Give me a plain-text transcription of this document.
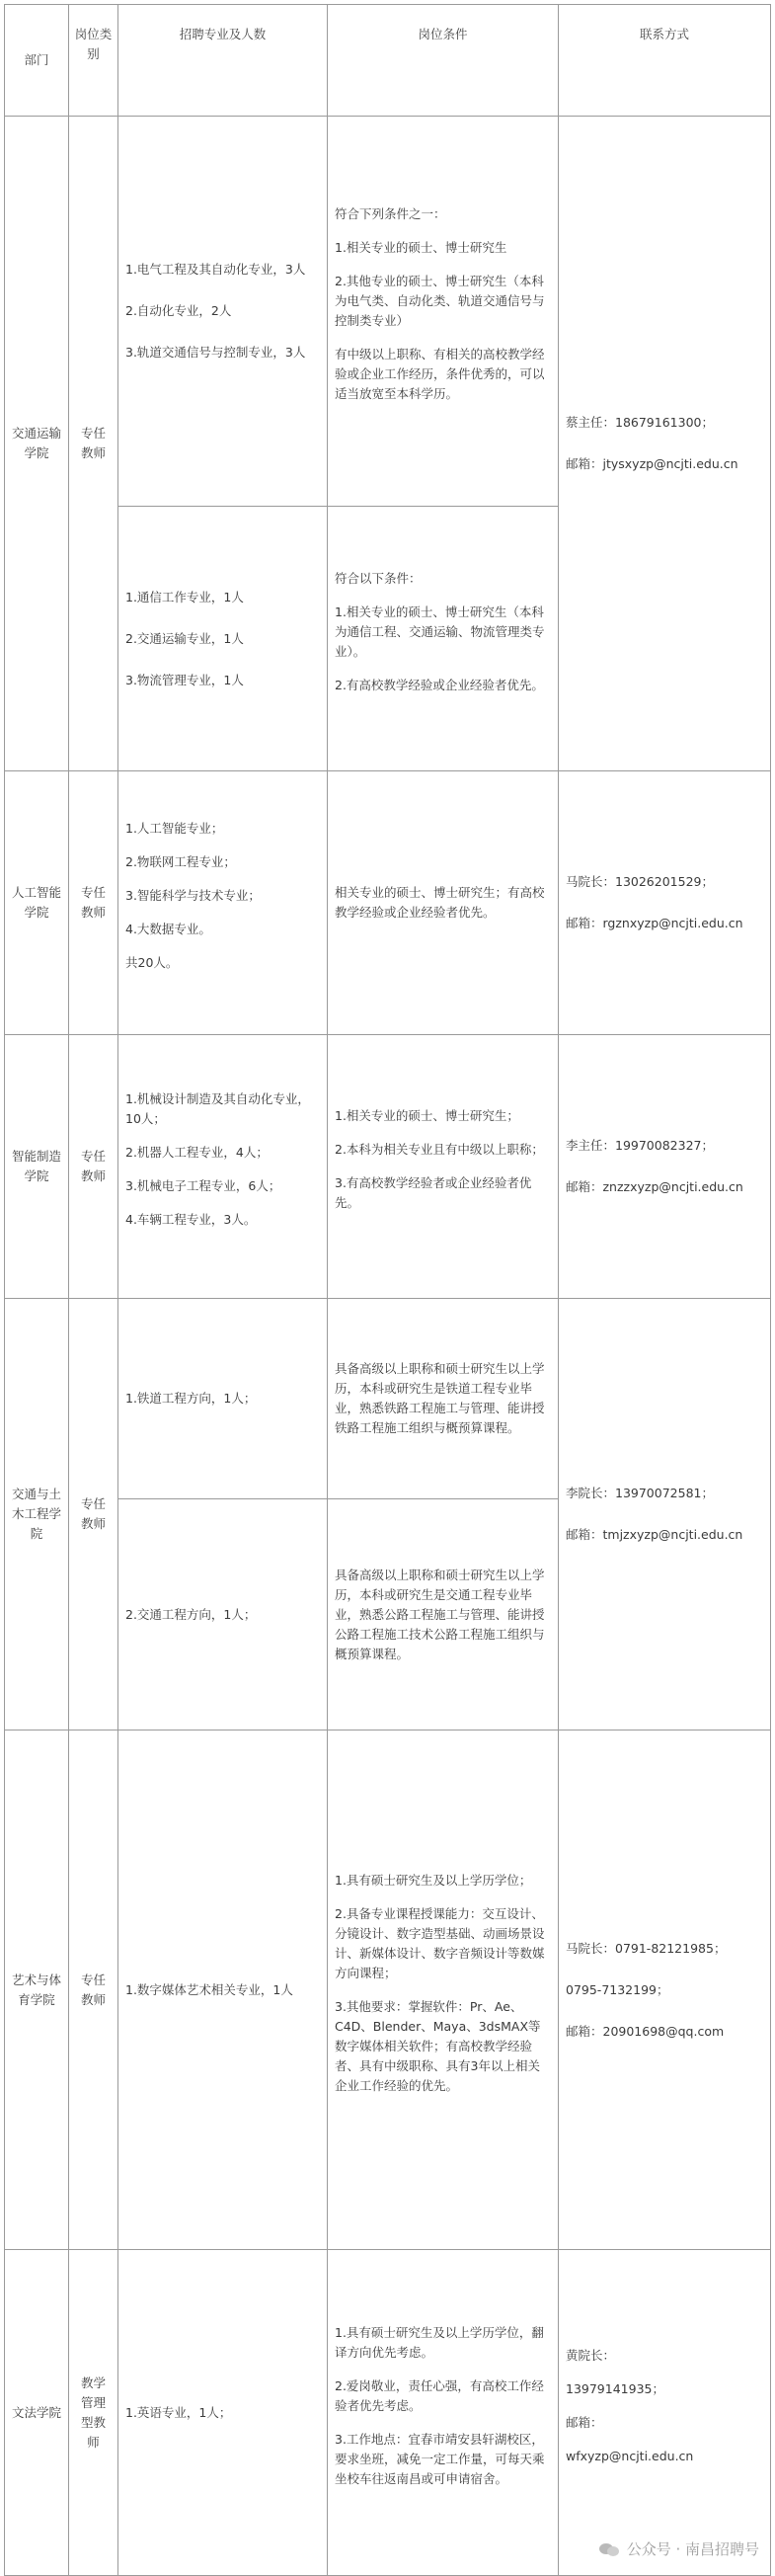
部门	岗位类别	招聘专业及人数	岗位条件	联系方式
交通运输学院	专任教师	1.电气工程及其自动化专业，3人
2.自动化专业，2人
3.轨道交通信号与控制专业，3人	符合下列条件之一：
1.相关专业的硕士、博士研究生
2.其他专业的硕士、博士研究生（本科为电气类、自动化类、轨道交通信号与控制类专业）
有中级以上职称、有相关的高校教学经验或企业工作经历，条件优秀的，可以适当放宽至本科学历。	蔡主任：18679161300；
邮箱：jtysxyzp@ncjti.edu.cn

		1.通信工作专业，1人
2.交通运输专业，1人
3.物流管理专业，1人	符合以下条件：
1.相关专业的硕士、博士研究生（本科为通信工程、交通运输、物流管理类专业）。
2.有高校教学经验或企业经验者优先。	

人工智能学院	专任教师	1.人工智能专业；
2.物联网工程专业；
3.智能科学与技术专业；
4.大数据专业。
共20人。	相关专业的硕士、博士研究生；有高校教学经验或企业经验者优先。	马院长：13026201529；
邮箱：rgznxyzp@ncjti.edu.cn

智能制造学院	专任教师	1.机械设计制造及其自动化专业，10人；
2.机器人工程专业，4人；
3.机械电子工程专业，6人；
4.车辆工程专业，3人。	1.相关专业的硕士、博士研究生；
2.本科为相关专业且有中级以上职称；
3.有高校教学经验者或企业经验者优先。	李主任：19970082327；
邮箱：znzzxyzp@ncjti.edu.cn

交通与土木工程学院	专任教师	1.铁道工程方向，1人；	具备高级以上职称和硕士研究生以上学历，本科或研究生是铁道工程专业毕业，熟悉铁路工程施工与管理、能讲授铁路工程施工组织与概预算课程。	李院长：13970072581；
邮箱：tmjzxyzp@ncjti.edu.cn

		2.交通工程方向，1人；	具备高级以上职称和硕士研究生以上学历，本科或研究生是交通工程专业毕业，熟悉公路工程施工与管理、能讲授公路工程施工技术公路工程施工组织与概预算课程。	

艺术与体育学院	专任教师	1.数字媒体艺术相关专业，1人	1.具有硕士研究生及以上学历学位；
2.具备专业课程授课能力：交互设计、分镜设计、数字造型基础、动画场景设计、新媒体设计、数字音频设计等数媒方向课程；
3.其他要求：掌握软件：Pr、Ae、C4D、Blender、Maya、3dsMAX等数字媒体相关软件；有高校教学经验者、具有中级职称、具有3年以上相关企业工作经验的优先。	马院长：0791-82121985；
0795-7132199；
邮箱：20901698@qq.com

文法学院	教学管理型教师	1.英语专业，1人；	1.具有硕士研究生及以上学历学位，翻译方向优先考虑。
2.爱岗敬业，责任心强，有高校工作经验者优先考虑。
3.工作地点：宜春市靖安县轩湖校区，要求坐班，减免一定工作量，可每天乘坐校车往返南昌或可申请宿舍。	黄院长：
13979141935；
邮箱：
wfxyzp@ncjti.edu.cn
公众号 · 南昌招聘号
